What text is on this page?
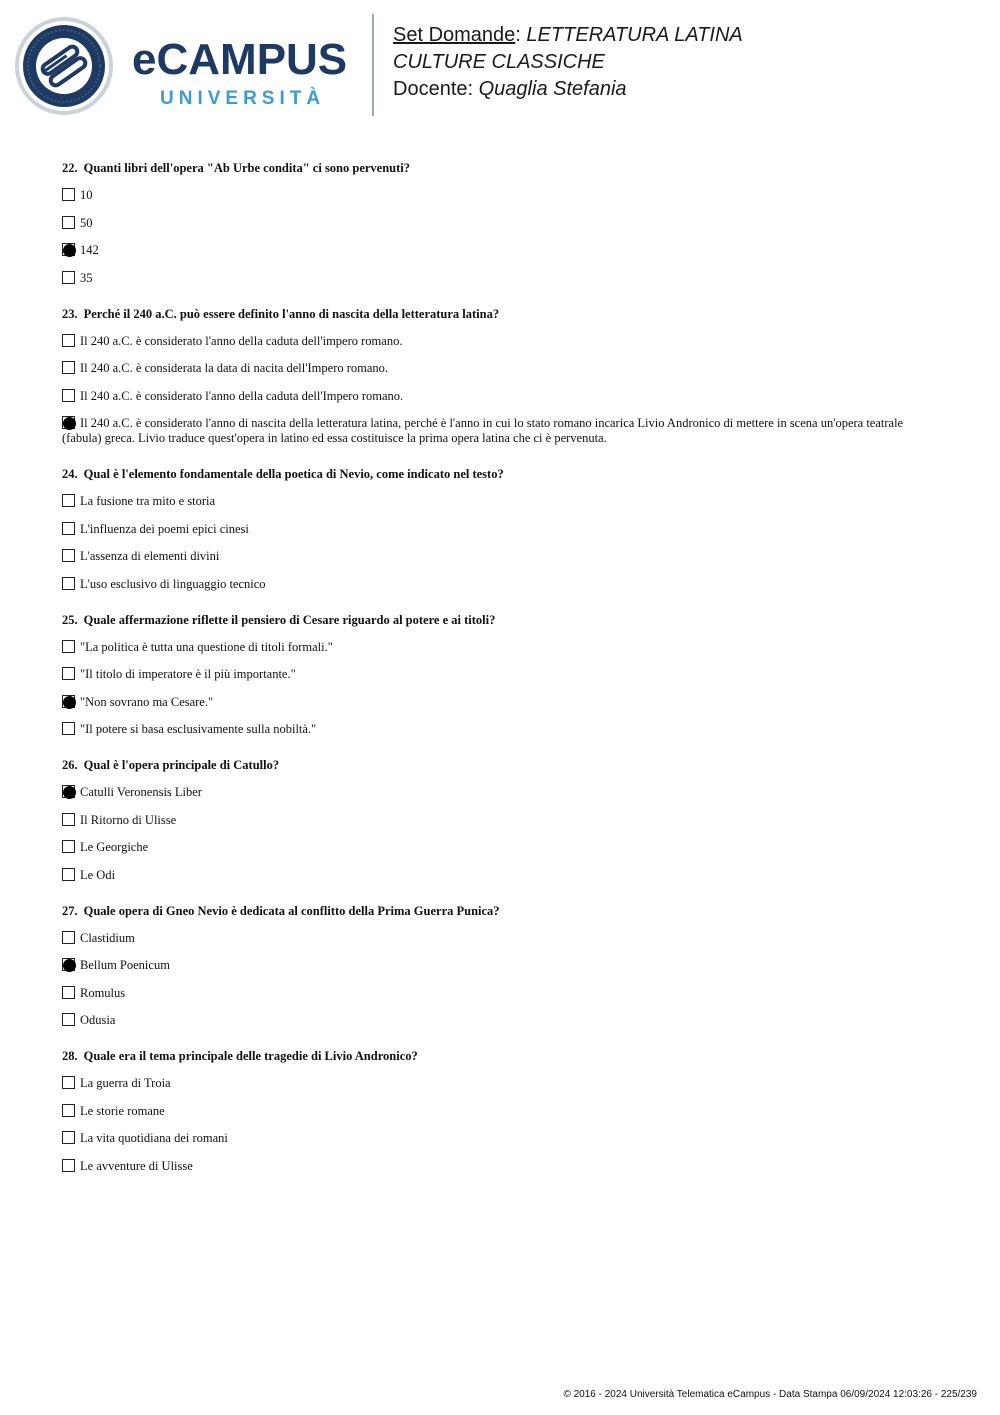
eCAMPUS
UNIVERSITÀ
Set Domande: LETTERATURA LATINA
CULTURE CLASSICHE
Docente: Quaglia Stefania
22. Quanti libri dell'opera "Ab Urbe condita" ci sono pervenuti?
10
50
142
35
23. Perché il 240 a.C. può essere definito l'anno di nascita della letteratura latina?
Il 240 a.C. è considerato l'anno della caduta dell'impero romano.
Il 240 a.C. è considerata la data di nacita dell'Impero romano.
Il 240 a.C. è considerato l'anno della caduta dell'Impero romano.
Il 240 a.C. è considerato l'anno di nascita della letteratura latina, perché è l'anno in cui lo stato romano incarica Livio Andronico di mettere in scena un'opera teatrale (fabula) greca. Livio traduce quest'opera in latino ed essa costituisce la prima opera latina che ci è pervenuta.
24. Qual è l'elemento fondamentale della poetica di Nevio, come indicato nel testo?
La fusione tra mito e storia
L'influenza dei poemi epici cinesi
L'assenza di elementi divini
L'uso esclusivo di linguaggio tecnico
25. Quale affermazione riflette il pensiero di Cesare riguardo al potere e ai titoli?
"La politica è tutta una questione di titoli formali."
"Il titolo di imperatore è il più importante."
"Non sovrano ma Cesare."
"Il potere si basa esclusivamente sulla nobiltà."
26. Qual è l'opera principale di Catullo?
Catulli Veronensis Liber
Il Ritorno di Ulisse
Le Georgiche
Le Odi
27. Quale opera di Gneo Nevio è dedicata al conflitto della Prima Guerra Punica?
Clastidium
Bellum Poenicum
Romulus
Odusia
28. Quale era il tema principale delle tragedie di Livio Andronico?
La guerra di Troia
Le storie romane
La vita quotidiana dei romani
Le avventure di Ulisse
© 2016 - 2024 Università Telematica eCampus - Data Stampa 06/09/2024 12:03:26 - 225/239
